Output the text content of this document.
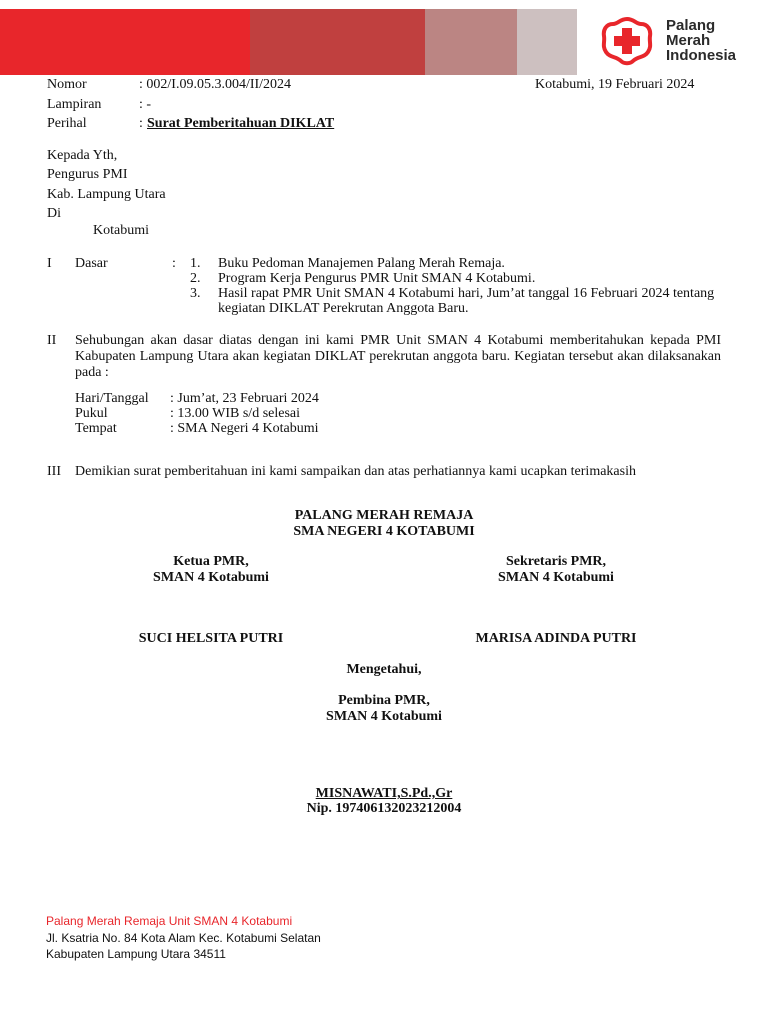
Palang
Merah
Indonesia
Nomor	: 002/I.09.05.3.004/II/2024	Kotabumi, 19 Februari 2024
Lampiran	: -
Perihal	: Surat Pemberitahuan DIKLAT
Kepada Yth,
Pengurus PMI
Kab. Lampung Utara
Di
Kotabumi
I Dasar	: 1. Buku Pedoman Manajemen Palang Merah Remaja.
2. Program Kerja Pengurus PMR Unit SMAN 4 Kotabumi.
3. Hasil rapat PMR Unit SMAN 4 Kotabumi hari, Jum’at tanggal 16 Februari 2024 tentang
kegiatan DIKLAT Perekrutan Anggota Baru.
II Sehubungan akan dasar diatas dengan ini kami PMR Unit SMAN 4 Kotabumi memberitahukan kepada PMI Kabupaten Lampung Utara akan kegiatan DIKLAT perekrutan anggota baru. Kegiatan tersebut akan dilaksanakan pada :
Hari/Tanggal : Jum’at, 23 Februari 2024
Pukul	: 13.00 WIB s/d selesai
Tempat	: SMA Negeri 4 Kotabumi
III Demikian surat pemberitahuan ini kami sampaikan dan atas perhatiannya kami ucapkan terimakasih
PALANG MERAH REMAJA
SMA NEGERI 4 KOTABUMI
Ketua PMR,
SMAN 4 Kotabumi
Sekretaris PMR,
SMAN 4 Kotabumi
SUCI HELSITA PUTRI	MARISA ADINDA PUTRI
Mengetahui,
Pembina PMR,
SMAN 4 Kotabumi
MISNAWATI,S.Pd.,Gr
Nip. 197406132023212004
Palang Merah Remaja Unit SMAN 4 Kotabumi
Jl. Ksatria No. 84 Kota Alam Kec. Kotabumi Selatan
Kabupaten Lampung Utara 34511
